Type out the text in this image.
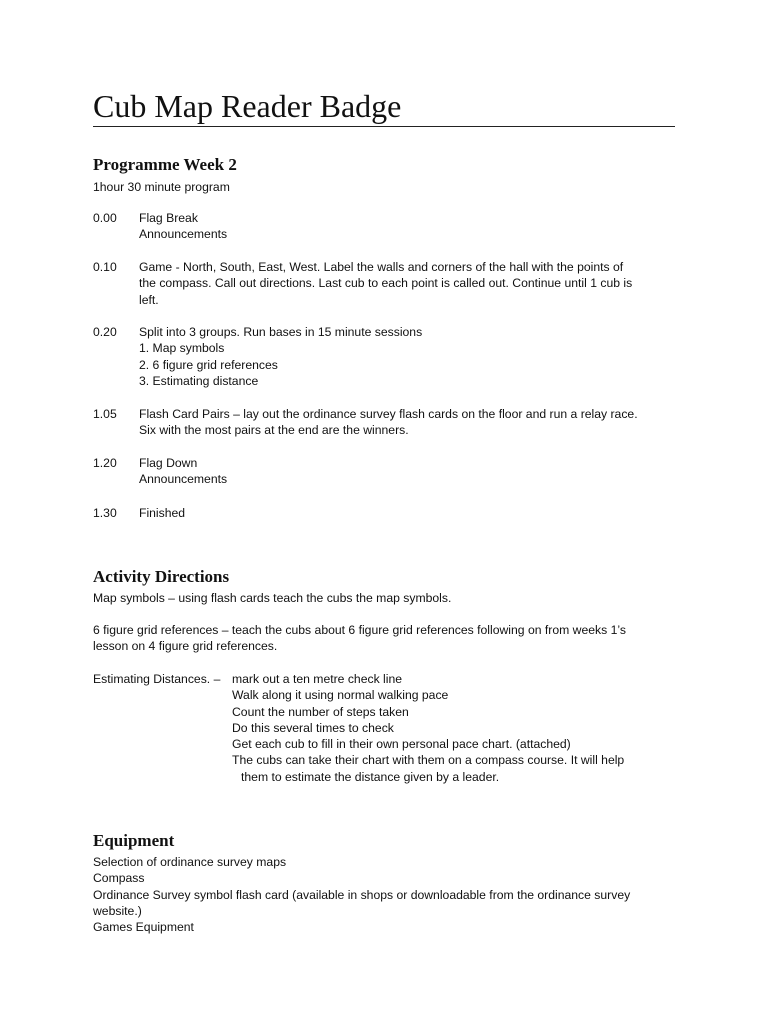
Cub Map Reader Badge
Programme Week 2
1hour 30 minute program
0.00	Flag Break
Announcements
0.10	Game - North, South, East, West. Label the walls and corners of the hall with the points of
the compass. Call out directions. Last cub to each point is called out. Continue until 1 cub is
left.
0.20	Split into 3 groups. Run bases in 15 minute sessions
1. Map symbols
2. 6 figure grid references
3. Estimating distance
1.05	Flash Card Pairs – lay out the ordinance survey flash cards on the floor and run a relay race.
Six with the most pairs at the end are the winners.
1.20	Flag Down
Announcements
1.30	Finished
Activity Directions
Map symbols – using flash cards teach the cubs the map symbols.
6 figure grid references – teach the cubs about 6 figure grid references following on from weeks 1’s
lesson on 4 figure grid references.
Estimating Distances. – mark out a ten metre check line
Walk along it using normal walking pace
Count the number of steps taken
Do this several times to check
Get each cub to fill in their own personal pace chart. (attached)
The cubs can take their chart with them on a compass course. It will help
them to estimate the distance given by a leader.
Equipment
Selection of ordinance survey maps
Compass
Ordinance Survey symbol flash card (available in shops or downloadable from the ordinance survey
website.)
Games Equipment
